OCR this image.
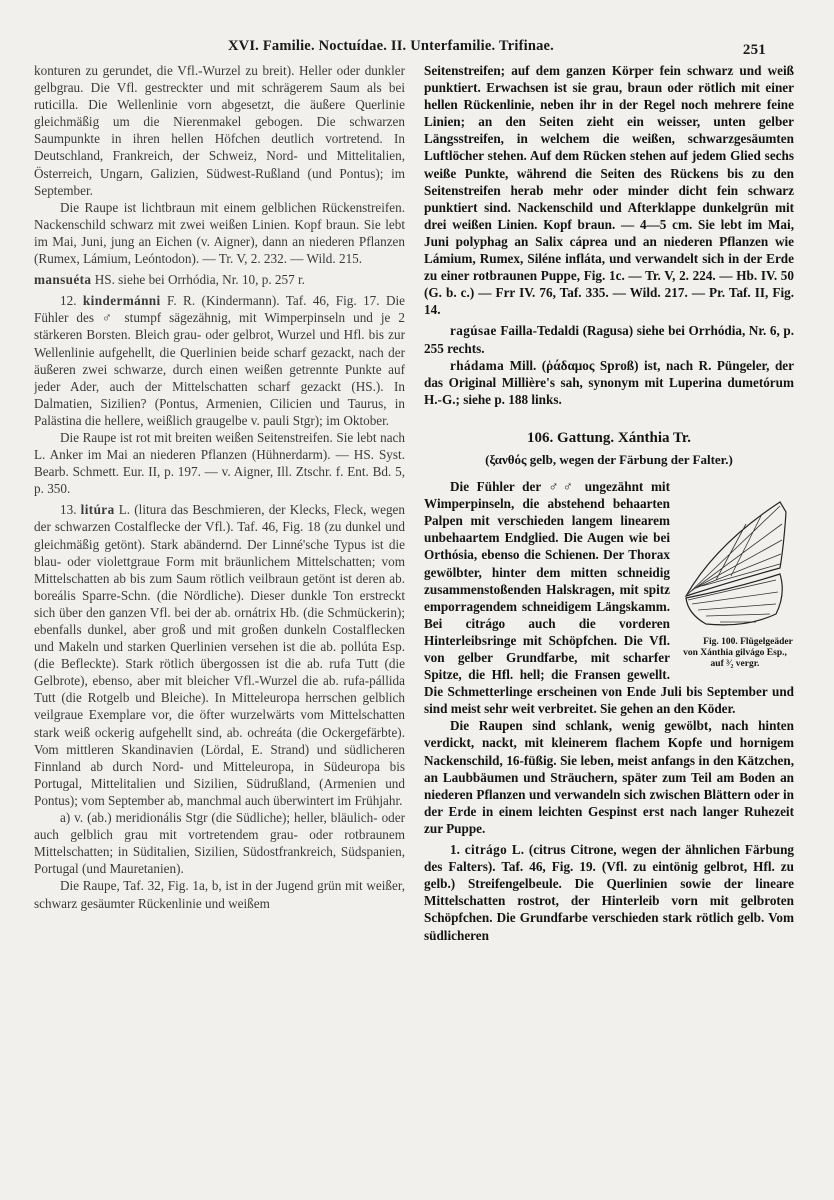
XVI. Familie. Noctuídae. II. Unterfamilie. Trifinae.	251

konturen zu gerundet, die Vfl.-Wurzel zu breit). Heller oder dunkler gelbgrau. Die Vfl. gestreckter und mit schrägerem Saum als bei ruticilla. Die Wellenlinie vorn abgesetzt, die äußere Querlinie gleichmäßig um die Nierenmakel gebogen. Die schwarzen Saumpunkte in ihren hellen Höfchen deutlich vortretend. In Deutschland, Frankreich, der Schweiz, Nord- und Mittelitalien, Österreich, Ungarn, Galizien, Südwest-Rußland (und Pontus); im September.

Die Raupe ist lichtbraun mit einem gelblichen Rückenstreifen. Nackenschild schwarz mit zwei weißen Linien. Kopf braun. Sie lebt im Mai, Juni, jung an Eichen (v. Aigner), dann an niederen Pflanzen (Rumex, Lámium, Leóntodon). — Tr. V, 2. 232. — Wild. 215.

mansuéta HS. siehe bei Orrhódia, Nr. 10, p. 257 r.

12. kindermánni F. R. (Kindermann). Taf. 46, Fig. 17. Die Fühler des ♂ stumpf sägezähnig, mit Wimperpinseln und je 2 stärkeren Borsten. Bleich grau- oder gelbrot, Wurzel und Hfl. bis zur Wellenlinie aufgehellt, die Querlinien beide scharf gezackt, nach der äußeren zwei schwarze, durch einen weißen getrennte Punkte auf jeder Ader, auch der Mittelschatten scharf gezackt (HS.). In Dalmatien, Sizilien? (Pontus, Armenien, Cilicien und Taurus, in Palästina die hellere, weißlich graugelbe v. pauli Stgr); im Oktober.

Die Raupe ist rot mit breiten weißen Seitenstreifen. Sie lebt nach L. Anker im Mai an niederen Pflanzen (Hühnerdarm). — HS. Syst. Bearb. Schmett. Eur. II, p. 197. — v. Aigner, Ill. Ztschr. f. Ent. Bd. 5, p. 350.

13. litúra L. (litura das Beschmieren, der Klecks, Fleck, wegen der schwarzen Costalflecke der Vfl.). Taf. 46, Fig. 18 (zu dunkel und gleichmäßig getönt). Stark abändernd. Der Linné'sche Typus ist die blau- oder violettgraue Form mit bräunlichem Mittelschatten; vom Mittelschatten ab bis zum Saum rötlich veilbraun getönt ist deren ab. boreális Sparre-Schn. (die Nördliche). Dieser dunkle Ton erstreckt sich über den ganzen Vfl. bei der ab. ornátrix Hb. (die Schmückerin); ebenfalls dunkel, aber groß und mit großen dunkeln Costalflecken und Makeln und starken Querlinien versehen ist die ab. pollúta Esp. (die Befleckte). Stark rötlich übergossen ist die ab. rufa Tutt (die Gelbrote), ebenso, aber mit bleicher Vfl.-Wurzel die ab. rufa-pállida Tutt (die Rotgelb und Bleiche). In Mitteleuropa herrschen gelblich veilgraue Exemplare vor, die öfter wurzelwärts vom Mittelschatten stark weiß ockerig aufgehellt sind, ab. ochreáta (die Ockergefärbte). Vom mittleren Skandinavien (Lördal, E. Strand) und südlicheren Finnland ab durch Nord- und Mitteleuropa, in Südeuropa bis Portugal, Mittelitalien und Sizilien, Südrußland, (Armenien und Pontus); vom September ab, manchmal auch überwintert im Frühjahr.

a) v. (ab.) meridionális Stgr (die Südliche); heller, bläulich- oder auch gelblich grau mit vortretendem grau- oder rotbraunem Mittelschatten; in Süditalien, Sizilien, Südostfrankreich, Südspanien, Portugal (und Mauretanien).

Die Raupe, Taf. 32, Fig. 1a, b, ist in der Jugend grün mit weißer, schwarz gesäumter Rückenlinie und weißem

Seitenstreifen; auf dem ganzen Körper fein schwarz und weiß punktiert. Erwachsen ist sie grau, braun oder rötlich mit einer hellen Rückenlinie, neben ihr in der Regel noch mehrere feine Linien; an den Seiten zieht ein weisser, unten gelber Längsstreifen, in welchem die weißen, schwarzgesäumten Luftlöcher stehen. Auf dem Rücken stehen auf jedem Glied sechs weiße Punkte, während die Seiten des Rückens bis zu den Seitenstreifen herab mehr oder minder dicht fein schwarz punktiert sind. Nackenschild und Afterklappe dunkelgrün mit drei weißen Linien. Kopf braun. — 4—5 cm. Sie lebt im Mai, Juni polyphag an Salix cáprea und an niederen Pflanzen wie Lámium, Rumex, Siléne infláta, und verwandelt sich in der Erde zu einer rotbraunen Puppe, Fig. 1c. — Tr. V, 2. 224. — Hb. IV. 50 (G. b. c.) — Frr IV. 76, Taf. 335. — Wild. 217. — Pr. Taf. II, Fig. 14.

ragúsae Failla-Tedaldi (Ragusa) siehe bei Orrhódia, Nr. 6, p. 255 rechts.

rhádama Mill. (ῥάδαμος Sproß) ist, nach R. Püngeler, der das Original Millière's sah, synonym mit Luperina dumetórum H.-G.; siehe p. 188 links.

106. Gattung. Xánthia Tr.
(ξανθός gelb, wegen der Färbung der Falter.)

Fig. 100. Flügelgeäder von Xánthia gilvágo Esp., auf ³⁄₂ vergr.
Die Fühler der ♂♂ ungezähnt mit Wimperpinseln, die abstehend behaarten Palpen mit verschieden langem linearem unbehaartem Endglied. Die Augen wie bei Orthósia, ebenso die Schienen. Der Thorax gewölbter, hinter dem mitten schneidig zusammenstoßenden Halskragen, mit spitz emporragendem schneidigem Längskamm. Bei citrágo auch die vorderen Hinterleibsringe mit Schöpfchen. Die Vfl. von gelber Grundfarbe, mit scharfer Spitze, die Hfl. hell; die Fransen gewellt. Die Schmetterlinge erscheinen von Ende Juli bis September und sind meist sehr weit verbreitet. Sie gehen an den Köder.

Die Raupen sind schlank, wenig gewölbt, nach hinten verdickt, nackt, mit kleinerem flachem Kopfe und hornigem Nackenschild, 16-füßig. Sie leben, meist anfangs in den Kätzchen, an Laubbäumen und Sträuchern, später zum Teil am Boden an niederen Pflanzen und verwandeln sich zwischen Blättern oder in der Erde in einem leichten Gespinst erst nach langer Ruhezeit zur Puppe.

1. citrágo L. (citrus Citrone, wegen der ähnlichen Färbung des Falters). Taf. 46, Fig. 19. (Vfl. zu eintönig gelbrot, Hfl. zu gelb.) Streifengelbeule. Die Querlinien sowie der lineare Mittelschatten rostrot, der Hinterleib vorn mit gelbroten Schöpfchen. Die Grundfarbe verschieden stark rötlich gelb. Vom südlicheren
